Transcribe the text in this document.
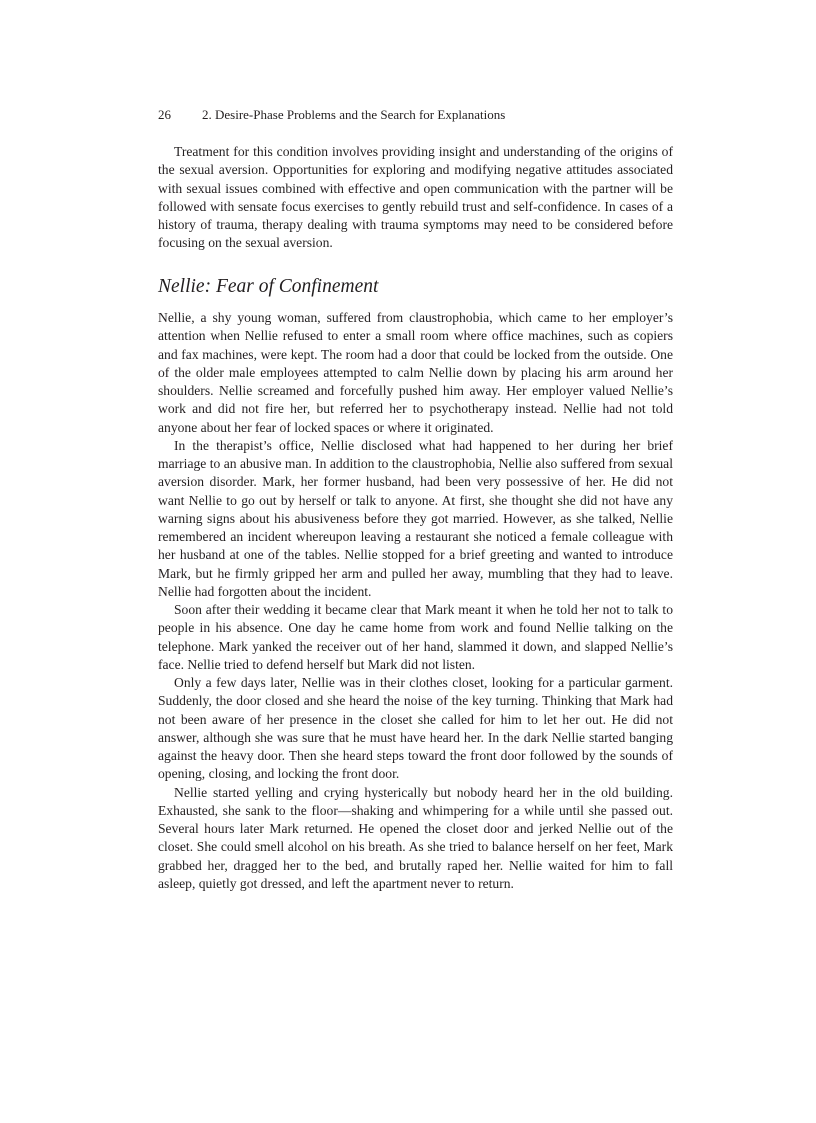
26 2. Desire-Phase Problems and the Search for Explanations

Treatment for this condition involves providing insight and understanding of the origins of the sexual aversion. Opportunities for exploring and modifying negative attitudes associated with sexual issues combined with effective and open communication with the partner will be followed with sensate focus exercises to gently rebuild trust and self-confidence. In cases of a history of trauma, therapy dealing with trauma symptoms may need to be considered before focusing on the sexual aversion.

Nellie: Fear of Confinement

Nellie, a shy young woman, suffered from claustrophobia, which came to her employer’s attention when Nellie refused to enter a small room where office machines, such as copiers and fax machines, were kept. The room had a door that could be locked from the outside. One of the older male employees attempted to calm Nellie down by placing his arm around her shoulders. Nellie screamed and forcefully pushed him away. Her employer valued Nellie’s work and did not fire her, but referred her to psychotherapy instead. Nellie had not told anyone about her fear of locked spaces or where it originated.

In the therapist’s office, Nellie disclosed what had happened to her during her brief marriage to an abusive man. In addition to the claustrophobia, Nellie also suffered from sexual aversion disorder. Mark, her former husband, had been very possessive of her. He did not want Nellie to go out by herself or talk to anyone. At first, she thought she did not have any warning signs about his abusiveness before they got married. However, as she talked, Nellie remembered an incident whereupon leaving a restaurant she noticed a female colleague with her husband at one of the tables. Nellie stopped for a brief greeting and wanted to introduce Mark, but he firmly gripped her arm and pulled her away, mumbling that they had to leave. Nellie had forgotten about the incident.

Soon after their wedding it became clear that Mark meant it when he told her not to talk to people in his absence. One day he came home from work and found Nellie talking on the telephone. Mark yanked the receiver out of her hand, slammed it down, and slapped Nellie’s face. Nellie tried to defend herself but Mark did not listen.

Only a few days later, Nellie was in their clothes closet, looking for a particular garment. Suddenly, the door closed and she heard the noise of the key turning. Thinking that Mark had not been aware of her presence in the closet she called for him to let her out. He did not answer, although she was sure that he must have heard her. In the dark Nellie started banging against the heavy door. Then she heard steps toward the front door followed by the sounds of opening, closing, and locking the front door.

Nellie started yelling and crying hysterically but nobody heard her in the old building. Exhausted, she sank to the floor—shaking and whimpering for a while until she passed out. Several hours later Mark returned. He opened the closet door and jerked Nellie out of the closet. She could smell alcohol on his breath. As she tried to balance herself on her feet, Mark grabbed her, dragged her to the bed, and brutally raped her. Nellie waited for him to fall asleep, quietly got dressed, and left the apartment never to return.
